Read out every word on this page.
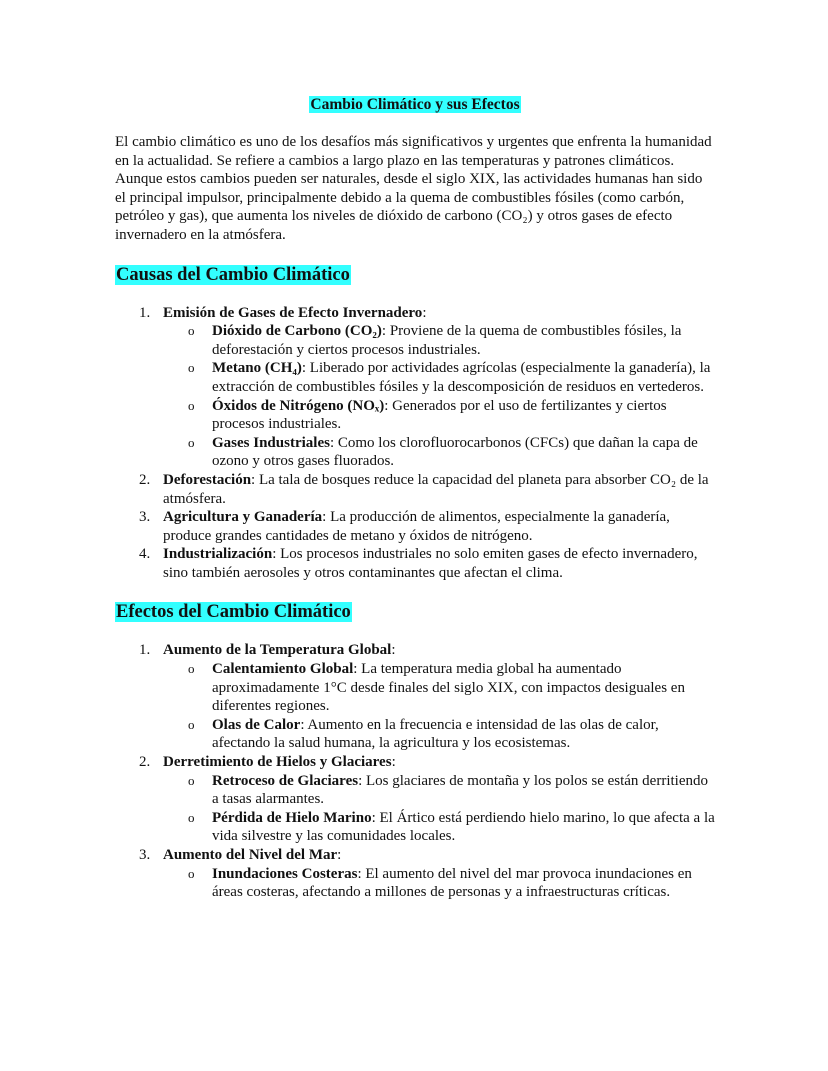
Cambio Climático y sus Efectos

El cambio climático es uno de los desafíos más significativos y urgentes que enfrenta la humanidad en la actualidad. Se refiere a cambios a largo plazo en las temperaturas y patrones climáticos. Aunque estos cambios pueden ser naturales, desde el siglo XIX, las actividades humanas han sido el principal impulsor, principalmente debido a la quema de combustibles fósiles (como carbón, petróleo y gas), que aumenta los niveles de dióxido de carbono (CO₂) y otros gases de efecto invernadero en la atmósfera.

Causas del Cambio Climático
1. Emisión de Gases de Efecto Invernadero:
o Dióxido de Carbono (CO₂): Proviene de la quema de combustibles fósiles, la deforestación y ciertos procesos industriales.
o Metano (CH₄): Liberado por actividades agrícolas (especialmente la ganadería), la extracción de combustibles fósiles y la descomposición de residuos en vertederos.
o Óxidos de Nitrógeno (NOₓ): Generados por el uso de fertilizantes y ciertos procesos industriales.
o Gases Industriales: Como los clorofluorocarbonos (CFCs) que dañan la capa de ozono y otros gases fluorados.
2. Deforestación: La tala de bosques reduce la capacidad del planeta para absorber CO₂ de la atmósfera.
3. Agricultura y Ganadería: La producción de alimentos, especialmente la ganadería, produce grandes cantidades de metano y óxidos de nitrógeno.
4. Industrialización: Los procesos industriales no solo emiten gases de efecto invernadero, sino también aerosoles y otros contaminantes que afectan el clima.
Efectos del Cambio Climático
1. Aumento de la Temperatura Global:
o Calentamiento Global: La temperatura media global ha aumentado aproximadamente 1°C desde finales del siglo XIX, con impactos desiguales en diferentes regiones.
o Olas de Calor: Aumento en la frecuencia e intensidad de las olas de calor, afectando la salud humana, la agricultura y los ecosistemas.
2. Derretimiento de Hielos y Glaciares:
o Retroceso de Glaciares: Los glaciares de montaña y los polos se están derritiendo a tasas alarmantes.
o Pérdida de Hielo Marino: El Ártico está perdiendo hielo marino, lo que afecta a la vida silvestre y las comunidades locales.
3. Aumento del Nivel del Mar:
o Inundaciones Costeras: El aumento del nivel del mar provoca inundaciones en áreas costeras, afectando a millones de personas y a infraestructuras críticas.
